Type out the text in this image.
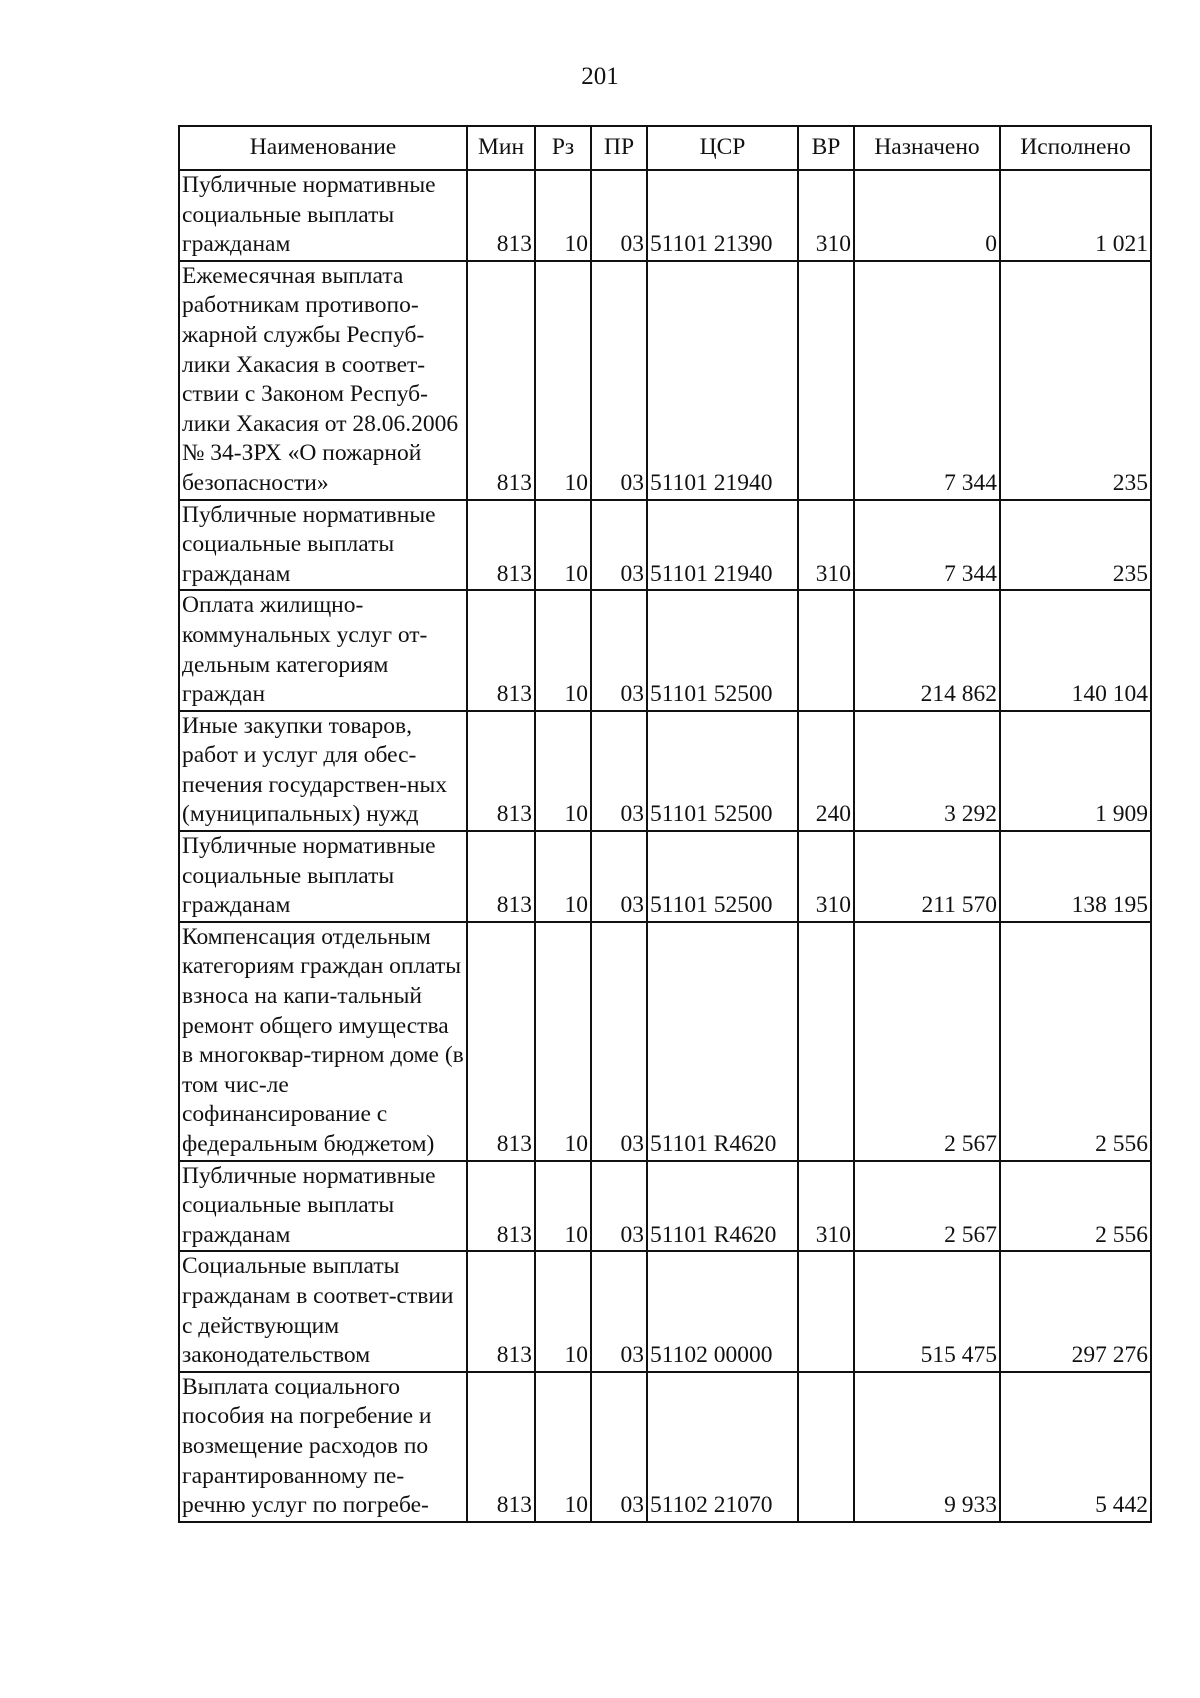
201
Наименование	Мин	Рз	ПР	ЦСР	ВР	Назначено	Исполнено
Публичные нормативные социальные выплаты гражданам	813	10	03	51101 21390	310	0	1 021
Ежемесячная выплата работникам противопо-жарной службы Респуб-лики Хакасия в соответ-ствии с Законом Респуб-лики Хакасия от 28.06.2006 № 34-ЗРХ «О пожарной безопасности»	813	10	03	51101 21940		7 344	235
Публичные нормативные социальные выплаты гражданам	813	10	03	51101 21940	310	7 344	235
Оплата жилищно-коммунальных услуг от-дельным категориям граждан	813	10	03	51101 52500		214 862	140 104
Иные закупки товаров, работ и услуг для обес-печения государствен-ных (муниципальных) нужд	813	10	03	51101 52500	240	3 292	1 909
Публичные нормативные социальные выплаты гражданам	813	10	03	51101 52500	310	211 570	138 195
Компенсация отдельным категориям граждан оплаты взноса на капи-тальный ремонт общего имущества в многоквар-тирном доме (в том чис-ле софинансирование с федеральным бюджетом)	813	10	03	51101 R4620		2 567	2 556
Публичные нормативные социальные выплаты гражданам	813	10	03	51101 R4620	310	2 567	2 556
Социальные выплаты гражданам в соответ-ствии с действующим законодательством	813	10	03	51102 00000		515 475	297 276
Выплата социального пособия на погребение и возмещение расходов по гарантированному пе-речню услуг по погребе-	813	10	03	51102 21070		9 933	5 442
